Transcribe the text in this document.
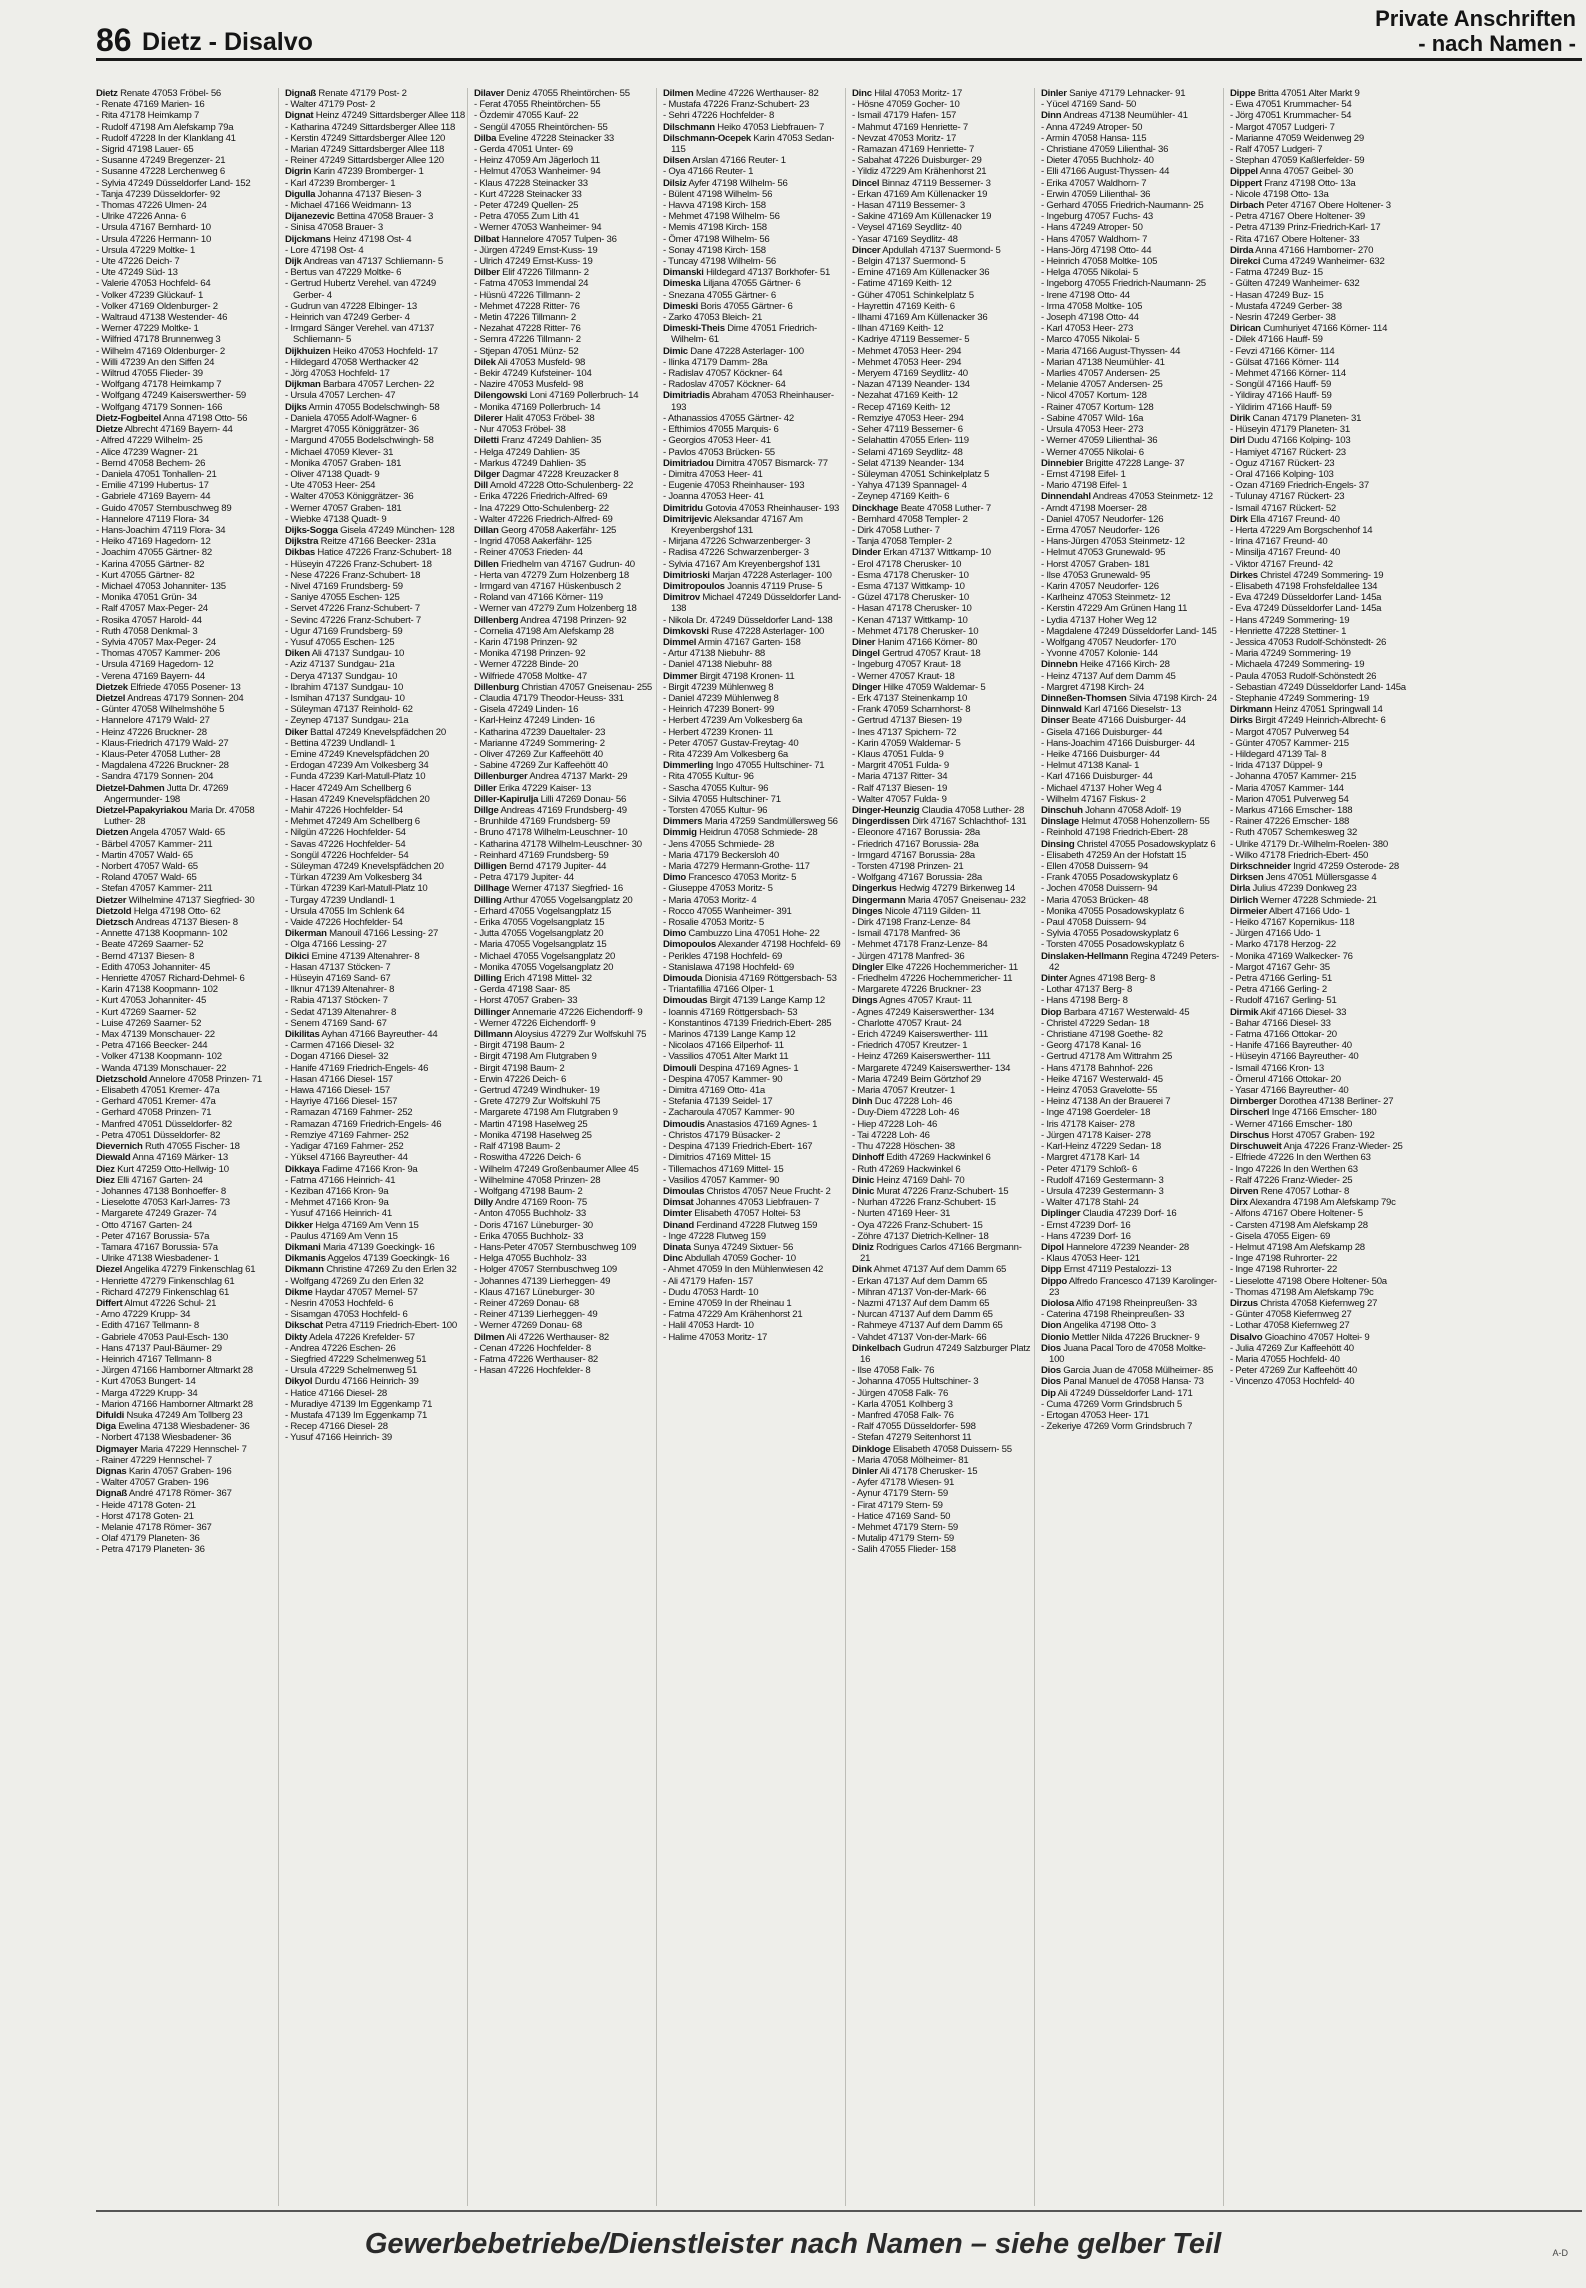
86 Dietz - Disalvo
Private Anschriften
- nach Namen -
Dietz Renate 47053 Fröbel- 56
- Renate 47169 Marien- 16
- Rita 47178 Heimkamp 7
- Rudolf 47198 Am Alefskamp 79a
- Rudolf 47228 In der Klanklang 41
- Sigrid 47198 Lauer- 65
- Susanne 47249 Bregenzer- 21
- Susanne 47228 Lerchenweg 6
- Sylvia 47249 Düsseldorfer Land- 152
- Tanja 47239 Düsseldorfer- 92
- Thomas 47226 Ulmen- 24
- Ulrike 47226 Anna- 6
- Ursula 47167 Bernhard- 10
- Ursula 47226 Hermann- 10
- Ursula 47229 Moltke- 1
- Ute 47226 Deich- 7
- Ute 47249 Süd- 13
- Valerie 47053 Hochfeld- 64
- Volker 47239 Glückauf- 1
- Volker 47169 Oldenburger- 2
- Waltraud 47138 Westender- 46
- Werner 47229 Moltke- 1
- Wilfried 47178 Brunnenweg 3
- Wilhelm 47169 Oldenburger- 2
- Willi 47239 An den Siffen 24
- Wiltrud 47055 Flieder- 39
- Wolfgang 47178 Heimkamp 7
- Wolfgang 47249 Kaiserswerther- 59
- Wolfgang 47179 Sonnen- 166
Dietz-Fogbeitel Anna 47198 Otto- 56
Dietze Albrecht 47169 Bayern- 44
- Alfred 47229 Wilhelm- 25
- Alice 47239 Wagner- 21
- Bernd 47058 Bechem- 26
- Daniela 47051 Tonhallen- 21
- Emilie 47199 Hubertus- 17
- Gabriele 47169 Bayern- 44
- Guido 47057 Sternbuschweg 89
- Hannelore 47119 Flora- 34
- Hans-Joachim 47119 Flora- 34
- Heiko 47169 Hagedorn- 12
- Joachim 47055 Gärtner- 82
- Karina 47055 Gärtner- 82
- Kurt 47055 Gärtner- 82
- Michael 47053 Johanniter- 135
- Monika 47051 Grün- 34
- Ralf 47057 Max-Peger- 24
- Rosika 47057 Harold- 44
- Ruth 47058 Denkmal- 3
- Sylvia 47057 Max-Peger- 24
- Thomas 47057 Kammer- 206
- Ursula 47169 Hagedorn- 12
- Verena 47169 Bayern- 44
Dietzek Elfriede 47055 Posener- 13
Dietzel Andreas 47179 Sonnen- 204
- Günter 47058 Wilhelmshöhe 5
- Hannelore 47179 Wald- 27
- Heinz 47226 Bruckner- 28
- Klaus-Friedrich 47179 Wald- 27
- Klaus-Peter 47058 Luther- 28
- Magdalena 47226 Bruckner- 28
- Sandra 47179 Sonnen- 204
Dietzel-Dahmen Jutta Dr. 47269 Angermunder- 198
Dietzel-Papakyriakou Maria Dr. 47058 Luther- 28
Dietzen Angela 47057 Wald- 65
- Bärbel 47057 Kammer- 211
- Martin 47057 Wald- 65
- Norbert 47057 Wald- 65
- Roland 47057 Wald- 65
- Stefan 47057 Kammer- 211
Dietzer Wilhelmine 47137 Siegfried- 30
Dietzold Helga 47198 Otto- 62
Dietzsch Andreas 47137 Biesen- 8
- Annette 47138 Koopmann- 102
- Beate 47269 Saarner- 52
- Bernd 47137 Biesen- 8
- Edith 47053 Johanniter- 45
- Henriette 47057 Richard-Dehmel- 6
- Karin 47138 Koopmann- 102
- Kurt 47053 Johanniter- 45
- Kurt 47269 Saarner- 52
- Luise 47269 Saarner- 52
- Max 47139 Monschauer- 22
- Petra 47166 Beecker- 244
- Volker 47138 Koopmann- 102
- Wanda 47139 Monschauer- 22
Dietzschold Annelore 47058 Prinzen- 71
- Elisabeth 47051 Kremer- 47a
- Gerhard 47051 Kremer- 47a
- Gerhard 47058 Prinzen- 71
- Manfred 47051 Düsseldorfer- 82
- Petra 47051 Düsseldorfer- 82
Dievernich Ruth 47055 Fischer- 18
Diewald Anna 47169 Märker- 13
Diez Kurt 47259 Otto-Hellwig- 10
Diez Elli 47167 Garten- 24
- Johannes 47138 Bonhoeffer- 8
- Lieselotte 47053 Karl-Jarres- 73
- Margarete 47249 Grazer- 74
- Otto 47167 Garten- 24
- Peter 47167 Borussia- 57a
- Tamara 47167 Borussia- 57a
- Ulrike 47138 Wiesbadener- 1
Diezel Angelika 47279 Finkenschlag 61
- Henriette 47279 Finkenschlag 61
- Richard 47279 Finkenschlag 61
Differt Almut 47226 Schul- 21
- Arno 47229 Krupp- 34
- Edith 47167 Tellmann- 8
- Gabriele 47053 Paul-Esch- 130
- Hans 47137 Paul-Bäumer- 29
- Heinrich 47167 Tellmann- 8
- Jürgen 47166 Hamborner Altmarkt 28
- Kurt 47053 Bungert- 14
- Marga 47229 Krupp- 34
- Marion 47166 Hamborner Altmarkt 28
Difuldi Nsuka 47249 Am Tollberg 23
Diga Ewelina 47138 Wiesbadener- 36
- Norbert 47138 Wiesbadener- 36
Digmayer Maria 47229 Hennschel- 7
- Rainer 47229 Hennschel- 7
Dignas Karin 47057 Graben- 196
- Walter 47057 Graben- 196
Dignaß André 47178 Römer- 367
- Heide 47178 Goten- 21
- Horst 47178 Goten- 21
- Melanie 47178 Römer- 367
- Olaf 47179 Planeten- 36
- Petra 47179 Planeten- 36
Dignaß Renate 47179 Post- 2
- Walter 47179 Post- 2
Dignat Heinz 47249 Sittardsberger Allee 118
- Katharina 47249 Sittardsberger Allee 118
- Kerstin 47249 Sittardsberger Allee 120
- Marian 47249 Sittardsberger Allee 118
- Reiner 47249 Sittardsberger Allee 120
Digrin Karin 47239 Bromberger- 1
- Karl 47239 Bromberger- 1
Digulla Johanna 47137 Biesen- 3
- Michael 47166 Weidmann- 13
Dijanezevic Bettina 47058 Brauer- 3
- Sinisa 47058 Brauer- 3
Dijckmans Heinz 47198 Ost- 4
- Lore 47198 Ost- 4
Dijk Andreas van 47137 Schliemann- 5
- Bertus van 47229 Moltke- 6
- Gertrud Hubertz Verehel. van 47249 Gerber- 4
- Gudrun van 47228 Elbinger- 13
- Heinrich van 47249 Gerber- 4
- Irmgard Sänger Verehel. van 47137 Schliemann- 5
Dijkhuizen Heiko 47053 Hochfeld- 17
- Hildegard 47058 Werthacker 42
- Jörg 47053 Hochfeld- 17
Dijkman Barbara 47057 Lerchen- 22
- Ursula 47057 Lerchen- 47
Dijks Armin 47055 Bodelschwingh- 58
- Daniela 47055 Adolf-Wagner- 6
- Margret 47055 Königgrätzer- 36
- Margund 47055 Bodelschwingh- 58
- Michael 47059 Klever- 31
- Monika 47057 Graben- 181
- Oliver 47138 Quadt- 9
- Ute 47053 Heer- 254
- Walter 47053 Königgrätzer- 36
- Werner 47057 Graben- 181
- Wiebke 47138 Quadt- 9
Dijks-Sogga Gisela 47249 München- 128
Dijkstra Reitze 47166 Beecker- 231a
Dikbas Hatice 47226 Franz-Schubert- 18
- Hüseyin 47226 Franz-Schubert- 18
- Nese 47226 Franz-Schubert- 18
- Nivel 47169 Frundsberg- 59
- Saniye 47055 Eschen- 125
- Servet 47226 Franz-Schubert- 7
- Sevinc 47226 Franz-Schubert- 7
- Ugur 47169 Frundsberg- 59
- Yusuf 47055 Eschen- 125
Diken Ali 47137 Sundgau- 10
- Aziz 47137 Sundgau- 21a
- Derya 47137 Sundgau- 10
- Ibrahim 47137 Sundgau- 10
- Ismihan 47137 Sundgau- 10
- Süleyman 47137 Reinhold- 62
- Zeynep 47137 Sundgau- 21a
Diker Battal 47249 Knevelspfädchen 20
- Bettina 47239 Undlandl- 1
- Emine 47249 Knevelspfädchen 20
- Erdogan 47239 Am Volkesberg 34
- Funda 47239 Karl-Matull-Platz 10
- Hacer 47249 Am Schellberg 6
- Hasan 47249 Knevelspfädchen 20
- Mahir 47226 Hochfelder- 54
- Mehmet 47249 Am Schellberg 6
- Nilgün 47226 Hochfelder- 54
- Savas 47226 Hochfelder- 54
- Songül 47226 Hochfelder- 54
- Süleyman 47249 Knevelspfädchen 20
- Türkan 47239 Am Volkesberg 34
- Türkan 47239 Karl-Matull-Platz 10
- Turgay 47239 Undlandl- 1
- Ursula 47055 Im Schlenk 64
- Vaide 47226 Hochfelder- 54
Dikerman Manouil 47166 Lessing- 27
- Olga 47166 Lessing- 27
Dikici Emine 47139 Altenahrer- 8
- Hasan 47137 Stöcken- 7
- Hüseyin 47169 Sand- 67
- Ilknur 47139 Altenahrer- 8
- Rabia 47137 Stöcken- 7
- Sedat 47139 Altenahrer- 8
- Senem 47169 Sand- 67
Dikilitas Ayhan 47166 Bayreuther- 44
- Carmen 47166 Diesel- 32
- Dogan 47166 Diesel- 32
- Hanife 47169 Friedrich-Engels- 46
- Hasan 47166 Diesel- 157
- Hawa 47166 Diesel- 157
- Hayriye 47166 Diesel- 157
- Ramazan 47169 Fahrner- 252
- Ramazan 47169 Friedrich-Engels- 46
- Remziye 47169 Fahrner- 252
- Yadigar 47169 Fahrner- 252
- Yüksel 47166 Bayreuther- 44
Dikkaya Fadime 47166 Kron- 9a
- Fatma 47166 Heinrich- 41
- Keziban 47166 Kron- 9a
- Mehmet 47166 Kron- 9a
- Yusuf 47166 Heinrich- 41
Dikker Helga 47169 Am Venn 15
- Paulus 47169 Am Venn 15
Dikmani Maria 47139 Goeckingk- 16
Dikmanis Aggelos 47139 Goeckingk- 16
Dikmann Christine 47269 Zu den Erlen 32
- Wolfgang 47269 Zu den Erlen 32
Dikme Haydar 47057 Memel- 57
- Nesrin 47053 Hochfeld- 6
- Sisamgan 47053 Hochfeld- 6
Dikschat Petra 47119 Friedrich-Ebert- 100
Dikty Adela 47226 Krefelder- 57
- Andrea 47226 Eschen- 26
- Siegfried 47229 Schelmenweg 51
- Ursula 47229 Schelmenweg 51
Dikyol Durdu 47166 Heinrich- 39
- Hatice 47166 Diesel- 28
- Muradiye 47139 Im Eggenkamp 71
- Mustafa 47139 Im Eggenkamp 71
- Recep 47166 Diesel- 28
- Yusuf 47166 Heinrich- 39
Dilaver Deniz 47055 Rheintörchen- 55
- Ferat 47055 Rheintörchen- 55
- Özdemir 47055 Kauf- 22
- Sengül 47055 Rheintörchen- 55
Dilba Eveline 47228 Steinacker 33
- Gerda 47051 Unter- 69
- Heinz 47059 Am Jägerloch 11
- Helmut 47053 Wanheimer- 94
- Klaus 47228 Steinacker 33
- Kurt 47228 Steinacker 33
- Peter 47249 Quellen- 25
- Petra 47055 Zum Lith 41
- Werner 47053 Wanheimer- 94
Dilbat Hannelore 47057 Tulpen- 36
- Jürgen 47249 Ernst-Kuss- 19
- Ulrich 47249 Ernst-Kuss- 19
Dilber Elif 47226 Tillmann- 2
- Fatma 47053 Immendal 24
- Hüsnü 47226 Tillmann- 2
- Mehmet 47228 Ritter- 76
- Metin 47226 Tillmann- 2
- Nezahat 47228 Ritter- 76
- Semra 47226 Tillmann- 2
- Stjepan 47051 Münz- 52
Dilek Ali 47053 Musfeld- 98
- Bekir 47249 Kufsteiner- 104
- Nazire 47053 Musfeld- 98
Dilengowski Loni 47169 Pollerbruch- 14
- Monika 47169 Pollerbruch- 14
Dilerer Halit 47053 Fröbel- 38
- Nur 47053 Fröbel- 38
Diletti Franz 47249 Dahlien- 35
- Helga 47249 Dahlien- 35
- Markus 47249 Dahlien- 35
Dilger Dagmar 47228 Kreuzacker 8
Dill Arnold 47228 Otto-Schulenberg- 22
- Erika 47226 Friedrich-Alfred- 69
- Ina 47229 Otto-Schulenberg- 22
- Walter 47226 Friedrich-Alfred- 69
Dillan Georg 47058 Aakerfähr- 125
- Ingrid 47058 Aakerfähr- 125
- Reiner 47053 Frieden- 44
Dillen Friedhelm van 47167 Gudrun- 40
- Herta van 47279 Zum Holzenberg 18
- Irmgard van 47167 Hüskenbusch 2
- Roland van 47166 Körner- 119
- Werner van 47279 Zum Holzenberg 18
Dillenberg Andrea 47198 Prinzen- 92
- Cornelia 47198 Am Alefskamp 28
- Karin 47198 Prinzen- 92
- Monika 47198 Prinzen- 92
- Werner 47228 Binde- 20
- Wilfriede 47058 Moltke- 47
Dillenburg Christian 47057 Gneisenau- 255
- Claudia 47179 Theodor-Heuss- 331
- Gisela 47249 Linden- 16
- Karl-Heinz 47249 Linden- 16
- Katharina 47239 Daueltaler- 23
- Marianne 47249 Sommering- 2
- Oliver 47269 Zur Kaffeehött 40
- Sabine 47269 Zur Kaffeehött 40
Dillenburger Andrea 47137 Markt- 29
Diller Erika 47229 Kaiser- 13
Diller-Kapirulja Lilli 47269 Donau- 56
Dillge Andreas 47169 Frundsberg- 49
- Brunhilde 47169 Frundsberg- 59
- Bruno 47178 Wilhelm-Leuschner- 10
- Katharina 47178 Wilhelm-Leuschner- 30
- Reinhard 47169 Frundsberg- 59
Dilligen Bernd 47179 Jupiter- 44
- Petra 47179 Jupiter- 44
Dillhage Werner 47137 Siegfried- 16
Dilling Arthur 47055 Vogelsangplatz 20
- Erhard 47055 Vogelsangplatz 15
- Erika 47055 Vogelsangplatz 15
- Jutta 47055 Vogelsangplatz 20
- Maria 47055 Vogelsangplatz 15
- Michael 47055 Vogelsangplatz 20
- Monika 47055 Vogelsangplatz 20
Dilling Erich 47198 Mittel- 32
- Gerda 47198 Saar- 85
- Horst 47057 Graben- 33
Dillinger Annemarie 47226 Eichendorff- 9
- Werner 47226 Eichendorff- 9
Dillmann Aloysius 47279 Zur Wolfskuhl 75
- Birgit 47198 Baum- 2
- Birgit 47198 Am Flutgraben 9
- Birgit 47198 Baum- 2
- Erwin 47226 Deich- 6
- Gertrud 47249 Windhuker- 19
- Grete 47279 Zur Wolfskuhl 75
- Margarete 47198 Am Flutgraben 9
- Martin 47198 Haselweg 25
- Monika 47198 Haselweg 25
- Ralf 47198 Baum- 2
- Roswitha 47226 Deich- 6
- Wilhelm 47249 Großenbaumer Allee 45
- Wilhelmine 47058 Prinzen- 28
- Wolfgang 47198 Baum- 2
Dilly Andre 47169 Roon- 75
- Anton 47055 Buchholz- 33
- Doris 47167 Lüneburger- 30
- Erika 47055 Buchholz- 33
- Hans-Peter 47057 Sternbuschweg 109
- Helga 47055 Buchholz- 33
- Holger 47057 Sternbuschweg 109
- Johannes 47139 Lierheggen- 49
- Klaus 47167 Lüneburger- 30
- Reiner 47269 Donau- 68
- Reiner 47139 Lierheggen- 49
- Werner 47269 Donau- 68
Dilmen Ali 47226 Werthauser- 82
- Cenan 47226 Hochfelder- 8
- Fatma 47226 Werthauser- 82
- Hasan 47226 Hochfelder- 8
Dilmen Medine 47226 Werthauser- 82
- Mustafa 47226 Franz-Schubert- 23
- Sehri 47226 Hochfelder- 8
Dilschmann Heiko 47053 Liebfrauen- 7
Dilschmann-Ocepek Karin 47053 Sedan- 115
Dilsen Arslan 47166 Reuter- 1
- Oya 47166 Reuter- 1
Dilsiz Ayfer 47198 Wilhelm- 56
- Bülent 47198 Wilhelm- 56
- Havva 47198 Kirch- 158
- Mehmet 47198 Wilhelm- 56
- Memis 47198 Kirch- 158
- Ömer 47198 Wilhelm- 56
- Sonay 47198 Kirch- 158
- Tuncay 47198 Wilhelm- 56
Dimanski Hildegard 47137 Borkhofer- 51
Dimeska Liljana 47055 Gärtner- 6
- Snezana 47055 Gärtner- 6
Dimeski Boris 47055 Gärtner- 6
- Zarko 47053 Bleich- 21
Dimeski-Theis Dime 47051 Friedrich-Wilhelm- 61
Dimic Dane 47228 Asterlager- 100
- Ilinka 47179 Damm- 28a
- Radislav 47057 Köckner- 64
- Radoslav 47057 Köckner- 64
Dimitriadis Abraham 47053 Rheinhauser- 193
- Athanassios 47055 Gärtner- 42
- Efthimios 47055 Marquis- 6
- Georgios 47053 Heer- 41
- Pavlos 47053 Brücken- 55
Dimitriadou Dimitra 47057 Bismarck- 77
- Dimitra 47053 Heer- 41
- Eugenie 47053 Rheinhauser- 193
- Joanna 47053 Heer- 41
Dimitridu Gotovia 47053 Rheinhauser- 193
Dimitrijevic Aleksandar 47167 Am Kreyenbergshof 131
- Mirjana 47226 Schwarzenberger- 3
- Radisa 47226 Schwarzenberger- 3
- Sylvia 47167 Am Kreyenbergshof 131
Dimitrioski Marjan 47228 Asterlager- 100
Dimitropoulos Joannis 47119 Pruse- 5
Dimitrov Michael 47249 Düsseldorfer Land- 138
- Nikola Dr. 47249 Düsseldorfer Land- 138
Dimkovski Ruse 47228 Asterlager- 100
Dimmel Armin 47167 Garten- 158
- Artur 47138 Niebuhr- 88
- Daniel 47138 Niebuhr- 88
Dimmer Birgit 47198 Kronen- 11
- Birgit 47239 Mühlenweg 8
- Daniel 47239 Mühlenweg 8
- Heinrich 47239 Bonert- 99
- Herbert 47239 Am Volkesberg 6a
- Herbert 47239 Kronen- 11
- Peter 47057 Gustav-Freytag- 40
- Rita 47239 Am Volkesberg 6a
Dimmerling Ingo 47055 Hultschiner- 71
- Rita 47055 Kultur- 96
- Sascha 47055 Kultur- 96
- Silvia 47055 Hultschiner- 71
- Torsten 47055 Kultur- 96
Dimmers Maria 47259 Sandmüllersweg 56
Dimmig Heidrun 47058 Schmiede- 28
- Jens 47055 Schmiede- 28
- Maria 47179 Beckersloh 40
- Maria 47279 Hermann-Grothe- 117
Dimo Francesco 47053 Moritz- 5
- Giuseppe 47053 Moritz- 5
- Maria 47053 Moritz- 4
- Rocco 47055 Wanheimer- 391
- Rosalie 47053 Moritz- 5
Dimo Cambuzzo Lina 47051 Hohe- 22
Dimopoulos Alexander 47198 Hochfeld- 69
- Perikles 47198 Hochfeld- 69
- Stanislawa 47198 Hochfeld- 69
Dimouda Dionisia 47169 Röttgersbach- 53
- Triantafillia 47166 Olper- 1
Dimoudas Birgit 47139 Lange Kamp 12
- Ioannis 47169 Röttgersbach- 53
- Konstantinos 47139 Friedrich-Ebert- 285
- Marinos 47139 Lange Kamp 12
- Nicolaos 47166 Eilperhof- 11
- Vassilios 47051 Alter Markt 11
Dimouli Despina 47169 Agnes- 1
- Despina 47057 Kammer- 90
- Dimitra 47169 Otto- 41a
- Stefania 47139 Seidel- 17
- Zacharoula 47057 Kammer- 90
Dimoudis Anastasios 47169 Agnes- 1
- Christos 47179 Büsacker- 2
- Despina 47139 Friedrich-Ebert- 167
- Dimitrios 47169 Mittel- 15
- Tillemachos 47169 Mittel- 15
- Vasilios 47057 Kammer- 90
Dimoulas Christos 47057 Neue Frucht- 2
Dimsat Johannes 47053 Liebfrauen- 7
Dimter Elisabeth 47057 Holtei- 53
Dinand Ferdinand 47228 Flutweg 159
- Inge 47228 Flutweg 159
Dinata Sunya 47249 Sixtuer- 56
Dinc Abdullah 47059 Gocher- 10
- Ahmet 47059 In den Mühlenwiesen 42
- Ali 47179 Hafen- 157
- Dudu 47053 Hardt- 10
- Emine 47059 In der Rheinau 1
- Fatma 47229 Am Krähenhorst 21
- Halil 47053 Hardt- 10
- Halime 47053 Moritz- 17
Dinc Hilal 47053 Moritz- 17
- Hösne 47059 Gocher- 10
- Ismail 47179 Hafen- 157
- Mahmut 47169 Henriette- 7
- Nevzat 47053 Moritz- 17
- Ramazan 47169 Henriette- 7
- Sabahat 47226 Duisburger- 29
- Yildiz 47229 Am Krähenhorst 21
Dincel Binnaz 47119 Bessemer- 3
- Erkan 47169 Am Küllenacker 19
- Hasan 47119 Bessemer- 3
- Sakine 47169 Am Küllenacker 19
- Veysel 47169 Seydlitz- 40
- Yasar 47169 Seydlitz- 48
Dincer Apdullah 47137 Suermond- 5
- Belgin 47137 Suermond- 5
- Emine 47169 Am Küllenacker 36
- Fatime 47169 Keith- 12
- Güher 47051 Schinkelplatz 5
- Hayrettin 47169 Keith- 6
- Ilhami 47169 Am Küllenacker 36
- Ilhan 47169 Keith- 12
- Kadriye 47119 Bessemer- 5
- Mehmet 47053 Heer- 294
- Mehmet 47053 Heer- 294
- Meryem 47169 Seydlitz- 40
- Nazan 47139 Neander- 134
- Nezahat 47169 Keith- 12
- Recep 47169 Keith- 12
- Remziye 47053 Heer- 294
- Seher 47119 Bessemer- 6
- Selahattin 47055 Erlen- 119
- Selami 47169 Seydlitz- 48
- Selat 47139 Neander- 134
- Süleyman 47051 Schinkelplatz 5
- Yahya 47139 Spannagel- 4
- Zeynep 47169 Keith- 6
Dinckhage Beate 47058 Luther- 7
- Bernhard 47058 Templer- 2
- Dirk 47058 Luther- 7
- Tanja 47058 Templer- 2
Dinder Erkan 47137 Wittkamp- 10
- Erol 47178 Cherusker- 10
- Esma 47178 Cherusker- 10
- Esma 47137 Wittkamp- 10
- Güzel 47178 Cherusker- 10
- Hasan 47178 Cherusker- 10
- Kenan 47137 Wittkamp- 10
- Mehmet 47178 Cherusker- 10
Diner Hanim 47166 Körner- 80
Dingel Gertrud 47057 Kraut- 18
- Ingeburg 47057 Kraut- 18
- Werner 47057 Kraut- 18
Dinger Hilke 47059 Waldemar- 5
- Erk 47137 Steinenkamp 10
- Frank 47059 Scharnhorst- 8
- Gertrud 47137 Biesen- 19
- Ines 47137 Spichern- 72
- Karin 47059 Waldemar- 5
- Klaus 47051 Fulda- 9
- Margrit 47051 Fulda- 9
- Maria 47137 Ritter- 34
- Ralf 47137 Biesen- 19
- Walter 47057 Fulda- 9
Dinger-Heunzig Claudia 47058 Luther- 28
Dingerdissen Dirk 47167 Schlachthof- 131
- Eleonore 47167 Borussia- 28a
- Friedrich 47167 Borussia- 28a
- Irmgard 47167 Borussia- 28a
- Torsten 47198 Prinzen- 21
- Wolfgang 47167 Borussia- 28a
Dingerkus Hedwig 47279 Birkenweg 14
Dingermann Maria 47057 Gneisenau- 232
Dinges Nicole 47119 Gilden- 11
- Dirk 47198 Franz-Lenze- 84
- Ismail 47178 Manfred- 36
- Mehmet 47178 Franz-Lenze- 84
- Jürgen 47178 Manfred- 36
Dingler Elke 47226 Hochemmericher- 11
- Friedhelm 47226 Hochemmericher- 11
- Margarete 47226 Bruckner- 23
Dings Agnes 47057 Kraut- 11
- Agnes 47249 Kaiserswerther- 134
- Charlotte 47057 Kraut- 24
- Erich 47249 Kaiserswerther- 111
- Friedrich 47057 Kreutzer- 1
- Heinz 47269 Kaiserswerther- 111
- Margarete 47249 Kaiserswerther- 134
- Maria 47249 Beim Görtzhof 29
- Maria 47057 Kreutzer- 1
Dinh Duc 47228 Loh- 46
- Duy-Diem 47228 Loh- 46
- Hiep 47228 Loh- 46
- Tai 47228 Loh- 46
- Thu 47228 Höschen- 38
Dinhoff Edith 47269 Hackwinkel 6
- Ruth 47269 Hackwinkel 6
Dinic Heinz 47169 Dahl- 70
Dinic Murat 47226 Franz-Schubert- 15
- Nurhan 47226 Franz-Schubert- 15
- Nurten 47169 Heer- 31
- Oya 47226 Franz-Schubert- 15
- Zöhre 47137 Dietrich-Kellner- 18
Diniz Rodrigues Carlos 47166 Bergmann- 21
Dink Ahmet 47137 Auf dem Damm 65
- Erkan 47137 Auf dem Damm 65
- Mihran 47137 Von-der-Mark- 66
- Nazmi 47137 Auf dem Damm 65
- Nurcan 47137 Auf dem Damm 65
- Rahmeye 47137 Auf dem Damm 65
- Vahdet 47137 Von-der-Mark- 66
Dinkelbach Gudrun 47249 Salzburger Platz 16
- Ilse 47058 Falk- 76
- Johanna 47055 Hultschiner- 3
- Jürgen 47058 Falk- 76
- Karla 47051 Kolhberg 3
- Manfred 47058 Falk- 76
- Ralf 47055 Düsseldorfer- 598
- Stefan 47279 Seitenhorst 11
Dinkloge Elisabeth 47058 Duissern- 55
- Maria 47058 Mölheimer- 81
Dinler Ali 47178 Cherusker- 15
- Ayfer 47178 Wiesen- 91
- Aynur 47179 Stern- 59
- Firat 47179 Stern- 59
- Hatice 47169 Sand- 50
- Mehmet 47179 Stern- 59
- Mutalip 47179 Stern- 59
- Salih 47055 Flieder- 158
Dinler Saniye 47179 Lehnacker- 91
- Yücel 47169 Sand- 50
Dinn Andreas 47138 Neumühler- 41
- Anna 47249 Atroper- 50
- Armin 47058 Hansa- 115
- Christiane 47059 Lilienthal- 36
- Dieter 47055 Buchholz- 40
- Elli 47166 August-Thyssen- 44
- Erika 47057 Waldhorn- 7
- Erwin 47059 Lilienthal- 36
- Gerhard 47055 Friedrich-Naumann- 25
- Ingeburg 47057 Fuchs- 43
- Hans 47249 Atroper- 50
- Hans 47057 Waldhorn- 7
- Hans-Jörg 47198 Otto- 44
- Heinrich 47058 Moltke- 105
- Helga 47055 Nikolai- 5
- Ingeborg 47055 Friedrich-Naumann- 25
- Irene 47198 Otto- 44
- Irma 47058 Moltke- 105
- Joseph 47198 Otto- 44
- Karl 47053 Heer- 273
- Marco 47055 Nikolai- 5
- Maria 47166 August-Thyssen- 44
- Marian 47138 Neumühler- 41
- Marlies 47057 Andersen- 25
- Melanie 47057 Andersen- 25
- Nicol 47057 Kortum- 128
- Rainer 47057 Kortum- 128
- Sabine 47057 Wild- 16a
- Ursula 47053 Heer- 273
- Werner 47059 Lilienthal- 36
- Werner 47055 Nikolai- 6
Dinnebier Brigitte 47228 Lange- 37
- Ernst 47198 Eifel- 1
- Mario 47198 Eifel- 1
Dinnendahl Andreas 47053 Steinmetz- 12
- Arndt 47198 Moerser- 28
- Daniel 47057 Neudorfer- 126
- Erma 47057 Neudorfer- 126
- Hans-Jürgen 47053 Steinmetz- 12
- Helmut 47053 Grunewald- 95
- Horst 47057 Graben- 181
- Ilse 47053 Grunewald- 95
- Karin 47057 Neudorfer- 126
- Karlheinz 47053 Steinmetz- 12
- Kerstin 47229 Am Grünen Hang 11
- Lydia 47137 Hoher Weg 12
- Magdalene 47249 Düsseldorfer Land- 145
- Wolfgang 47057 Neudorfer- 170
- Yvonne 47057 Kolonie- 144
Dinnebn Heike 47166 Kirch- 28
- Heinz 47137 Auf dem Damm 45
- Margret 47198 Kirch- 24
Dinneßen-Thomsen Silvia 47198 Kirch- 24
Dinnwald Karl 47166 Dieselstr- 13
Dinser Beate 47166 Duisburger- 44
- Gisela 47166 Duisburger- 44
- Hans-Joachim 47166 Duisburger- 44
- Heike 47166 Duisburger- 44
- Helmut 47138 Kanal- 1
- Karl 47166 Duisburger- 44
- Michael 47137 Hoher Weg 4
- Wilhelm 47167 Fiskus- 2
Dinschuh Johann 47058 Adolf- 19
Dinslage Helmut 47058 Hohenzollern- 55
- Reinhold 47198 Friedrich-Ebert- 28
Dinsing Christel 47055 Posadowskyplatz 6
- Elisabeth 47259 An der Hofstatt 15
- Ellen 47058 Duissern- 94
- Frank 47055 Posadowskyplatz 6
- Jochen 47058 Duissern- 94
- Maria 47053 Brücken- 48
- Monika 47055 Posadowskyplatz 6
- Paul 47058 Duissern- 94
- Sylvia 47055 Posadowskyplatz 6
- Torsten 47055 Posadowskyplatz 6
Dinslaken-Hellmann Regina 47249 Peters- 42
Dinter Agnes 47198 Berg- 8
- Lothar 47137 Berg- 8
- Hans 47198 Berg- 8
Diop Barbara 47167 Westerwald- 45
- Christel 47229 Sedan- 18
- Christiane 47198 Goethe- 82
- Georg 47178 Kanal- 16
- Gertrud 47178 Am Wittrahm 25
- Hans 47178 Bahnhof- 226
- Heike 47167 Westerwald- 45
- Heinz 47053 Gravelotte- 55
- Heinz 47138 An der Brauerei 7
- Inge 47198 Goerdeler- 18
- Iris 47178 Kaiser- 278
- Jürgen 47178 Kaiser- 278
- Karl-Heinz 47229 Sedan- 18
- Margret 47178 Karl- 14
- Peter 47179 Schloß- 6
- Rudolf 47169 Gestermann- 3
- Ursula 47239 Gestermann- 3
- Walter 47178 Stahl- 24
Diplinger Claudia 47239 Dorf- 16
- Ernst 47239 Dorf- 16
- Hans 47239 Dorf- 16
Dipol Hannelore 47239 Neander- 28
- Klaus 47053 Heer- 121
Dipp Ernst 47119 Pestalozzi- 13
Dippo Alfredo Francesco 47139 Karolinger- 23
Diolosa Alfio 47198 Rheinpreußen- 33
- Caterina 47198 Rheinpreußen- 33
Dion Angelika 47198 Otto- 3
Dionio Mettler Nilda 47226 Bruckner- 9
Dios Juana Pacal Toro de 47058 Moltke- 100
Dios Garcia Juan de 47058 Mülheimer- 85
Dios Panal Manuel de 47058 Hansa- 73
Dip Ali 47249 Düsseldorfer Land- 171
- Cuma 47269 Vorm Grindsbruch 5
- Ertogan 47053 Heer- 171
- Zekeriye 47269 Vorm Grindsbruch 7
Dippe Britta 47051 Alter Markt 9
- Ewa 47051 Krummacher- 54
- Jörg 47051 Krummacher- 54
- Margot 47057 Ludgeri- 7
- Marianne 47059 Weidenweg 29
- Ralf 47057 Ludgeri- 7
- Stephan 47059 Kaßlerfelder- 59
Dippel Anna 47057 Geibel- 30
Dippert Franz 47198 Otto- 13a
- Nicole 47198 Otto- 13a
Dirbach Peter 47167 Obere Holtener- 3
- Petra 47167 Obere Holtener- 39
- Petra 47139 Prinz-Friedrich-Karl- 17
- Rita 47167 Obere Holtener- 33
Dirda Anna 47166 Hamborner- 270
Direkci Cuma 47249 Wanheimer- 632
- Fatma 47249 Buz- 15
- Gülten 47249 Wanheimer- 632
- Hasan 47249 Buz- 15
- Mustafa 47249 Gerber- 38
- Nesrin 47249 Gerber- 38
Dirican Cumhuriyet 47166 Körner- 114
- Dilek 47166 Hauff- 59
- Fevzi 47166 Körner- 114
- Gülsat 47166 Körner- 114
- Mehmet 47166 Körner- 114
- Songül 47166 Hauff- 59
- Yildiray 47166 Hauff- 59
- Yildirim 47166 Hauff- 59
Dirik Canan 47179 Planeten- 31
- Hüseyin 47179 Planeten- 31
Dirl Dudu 47166 Kolping- 103
- Hamiyet 47167 Rückert- 23
- Oguz 47167 Rückert- 23
- Oral 47166 Kolping- 103
- Ozan 47169 Friedrich-Engels- 37
- Tulunay 47167 Rückert- 23
- Ismail 47167 Rückert- 52
Dirk Ella 47167 Freund- 40
- Herta 47229 Am Borgschenhof 14
- Irina 47167 Freund- 40
- Minsilja 47167 Freund- 40
- Viktor 47167 Freund- 42
Dirkes Christel 47249 Sommering- 19
- Elisabeth 47198 Frohsfeldallee 134
- Eva 47249 Düsseldorfer Land- 145a
- Eva 47249 Düsseldorfer Land- 145a
- Hans 47249 Sommering- 19
- Henriette 47228 Stettiner- 1
- Jessica 47053 Rudolf-Schönstedt- 26
- Maria 47249 Sommering- 19
- Michaela 47249 Sommering- 19
- Paula 47053 Rudolf-Schönstedt 26
- Sebastian 47249 Düsseldorfer Land- 145a
- Stephanie 47249 Sommering- 19
Dirkmann Heinz 47051 Springwall 14
Dirks Birgit 47249 Heinrich-Albrecht- 6
- Margot 47057 Pulverweg 54
- Günter 47057 Kammer- 215
- Hildegard 47139 Tal- 8
- Irida 47137 Düppel- 9
- Johanna 47057 Kammer- 215
- Maria 47057 Kammer- 144
- Marion 47051 Pulverweg 54
- Markus 47166 Emscher- 188
- Rainer 47226 Emscher- 188
- Ruth 47057 Schemkesweg 32
- Ulrike 47179 Dr.-Wilhelm-Roelen- 380
- Wilko 47178 Friedrich-Ebert- 450
Dirkschneider Ingrid 47259 Osterode- 28
Dirksen Jens 47051 Müllersgasse 4
Dirla Julius 47239 Donkweg 23
Dirlich Werner 47228 Schmiede- 21
Dirmeier Albert 47166 Udo- 1
- Heiko 47167 Kopernikus- 118
- Jürgen 47166 Udo- 1
- Marko 47178 Herzog- 22
- Monika 47169 Walkecker- 76
- Margot 47167 Gehr- 35
- Petra 47166 Gerling- 51
- Petra 47166 Gerling- 2
- Rudolf 47167 Gerling- 51
Dirmik Akif 47166 Diesel- 33
- Bahar 47166 Diesel- 33
- Fatma 47166 Ottokar- 20
- Hanife 47166 Bayreuther- 40
- Hüseyin 47166 Bayreuther- 40
- Ismail 47166 Kron- 13
- Ömerul 47166 Ottokar- 20
- Yasar 47166 Bayreuther- 40
Dirnberger Dorothea 47138 Berliner- 27
Dirscherl Inge 47166 Emscher- 180
- Werner 47166 Emscher- 180
Dirschus Horst 47057 Graben- 192
Dirschuweit Anja 47226 Franz-Wieder- 25
- Elfriede 47226 In den Werthen 63
- Ingo 47226 In den Werthen 63
- Ralf 47226 Franz-Wieder- 25
Dirven Rene 47057 Lothar- 8
Dirx Alexandra 47198 Am Alefskamp 79c
- Alfons 47167 Obere Holtener- 5
- Carsten 47198 Am Alefskamp 28
- Gisela 47055 Eigen- 69
- Helmut 47198 Am Alefskamp 28
- Inge 47198 Ruhrorter- 22
- Inge 47198 Ruhrorter- 22
- Lieselotte 47198 Obere Holtener- 50a
- Thomas 47198 Am Alefskamp 79c
Dirzus Christa 47058 Kiefernweg 27
- Günter 47058 Kiefernweg 27
- Lothar 47058 Kiefernweg 27
Disalvo Gioachino 47057 Holtei- 9
- Julia 47269 Zur Kaffeehött 40
- Maria 47055 Hochfeld- 40
- Peter 47269 Zur Kaffeehött 40
- Vincenzo 47053 Hochfeld- 40
Gewerbebetriebe/Dienstleister nach Namen – siehe gelber Teil	A-D
